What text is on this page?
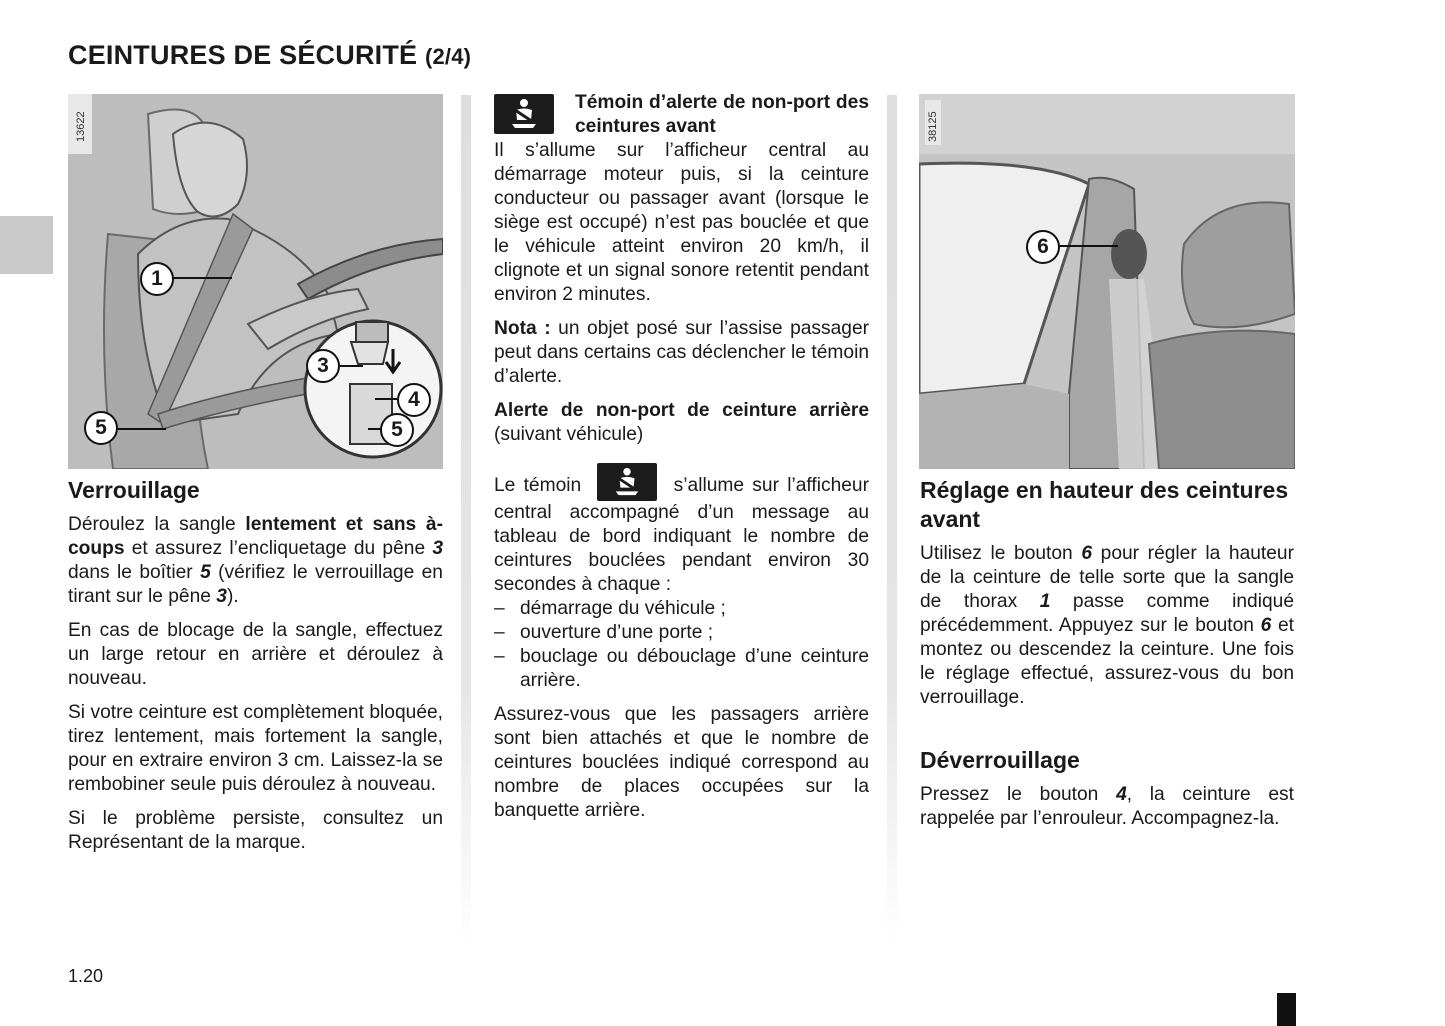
CEINTURES DE SÉCURITÉ (2/4)
13622
1
3
4
5	5
Verrouillage

Déroulez la sangle lentement et sans à-coups et assurez l’encliquetage du pêne 3 dans le boîtier 5 (vérifiez le verrouillage en tirant sur le pêne 3).

En cas de blocage de la sangle, effectuez un large retour en arrière et déroulez à nouveau.

Si votre ceinture est complètement bloquée, tirez lentement, mais fortement la sangle, pour en extraire environ 3 cm. Laissez-la se rembobiner seule puis déroulez à nouveau.

Si le problème persiste, consultez un Représentant de la marque.

Témoin d’alerte de non-port des ceintures avant

Il s’allume sur l’afficheur central au démarrage moteur puis, si la ceinture conducteur ou passager avant (lorsque le siège est occupé) n’est pas bouclée et que le véhicule atteint environ 20 km/h, il clignote et un signal sonore retentit pendant environ 2 minutes.

Nota : un objet posé sur l’assise passager peut dans certains cas déclencher le témoin d’alerte.

Alerte de non-port de ceinture arrière (suivant véhicule)

Le témoin	s’allume sur l’afficheur central accompagné d’un message au tableau de bord indiquant le nombre de ceintures bouclées pendant environ 30 secondes à chaque :

– démarrage du véhicule ;
– ouverture d’une porte ;
– bouclage ou débouclage d’une ceinture arrière.

Assurez-vous que les passagers arrière sont bien attachés et que le nombre de ceintures bouclées indiqué correspond au nombre de places occupées sur la banquette arrière.

38125
6
Réglage en hauteur des ceintures avant

Utilisez le bouton 6 pour régler la hauteur de la ceinture de telle sorte que la sangle de thorax 1 passe comme indiqué précédemment. Appuyez sur le bouton 6 et montez ou descendez la ceinture. Une fois le réglage effectué, assurez-vous du bon verrouillage.

Déverrouillage

Pressez le bouton 4, la ceinture est rappelée par l’enrouleur. Accompagnez-la.

1.20
